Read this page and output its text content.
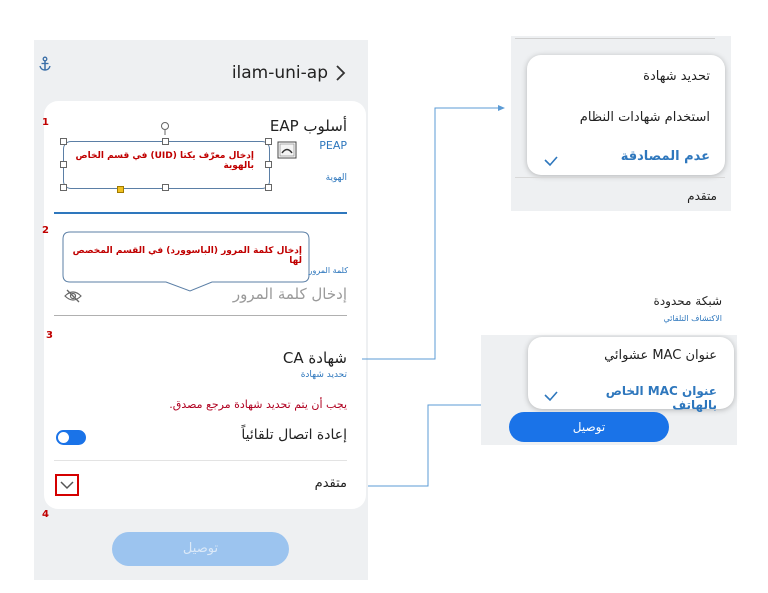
ilam-uni-ap
1
2
3
4
أسلوب EAP
PEAP
إدخال معرّف يكتا (UID) في قسم الخاص بالهوية
الهوية
إدخال كلمة المرور (الباسوورد) في القسم المخصص لها
كلمة المرور
إدخال كلمة المرور
شهادة CA
تحديد شهادة
يجب أن يتم تحديد شهادة مرجع مصدق.
إعادة اتصال تلقائياً
متقدم
توصيل
تحديد شهادة
استخدام شهادات النظام
عدم المصادقة
متقدم
شبكة محدودة
الاكتشاف التلقائي
عنوان MAC عشوائي
عنوان MAC الخاص بالهاتف
توصيل
